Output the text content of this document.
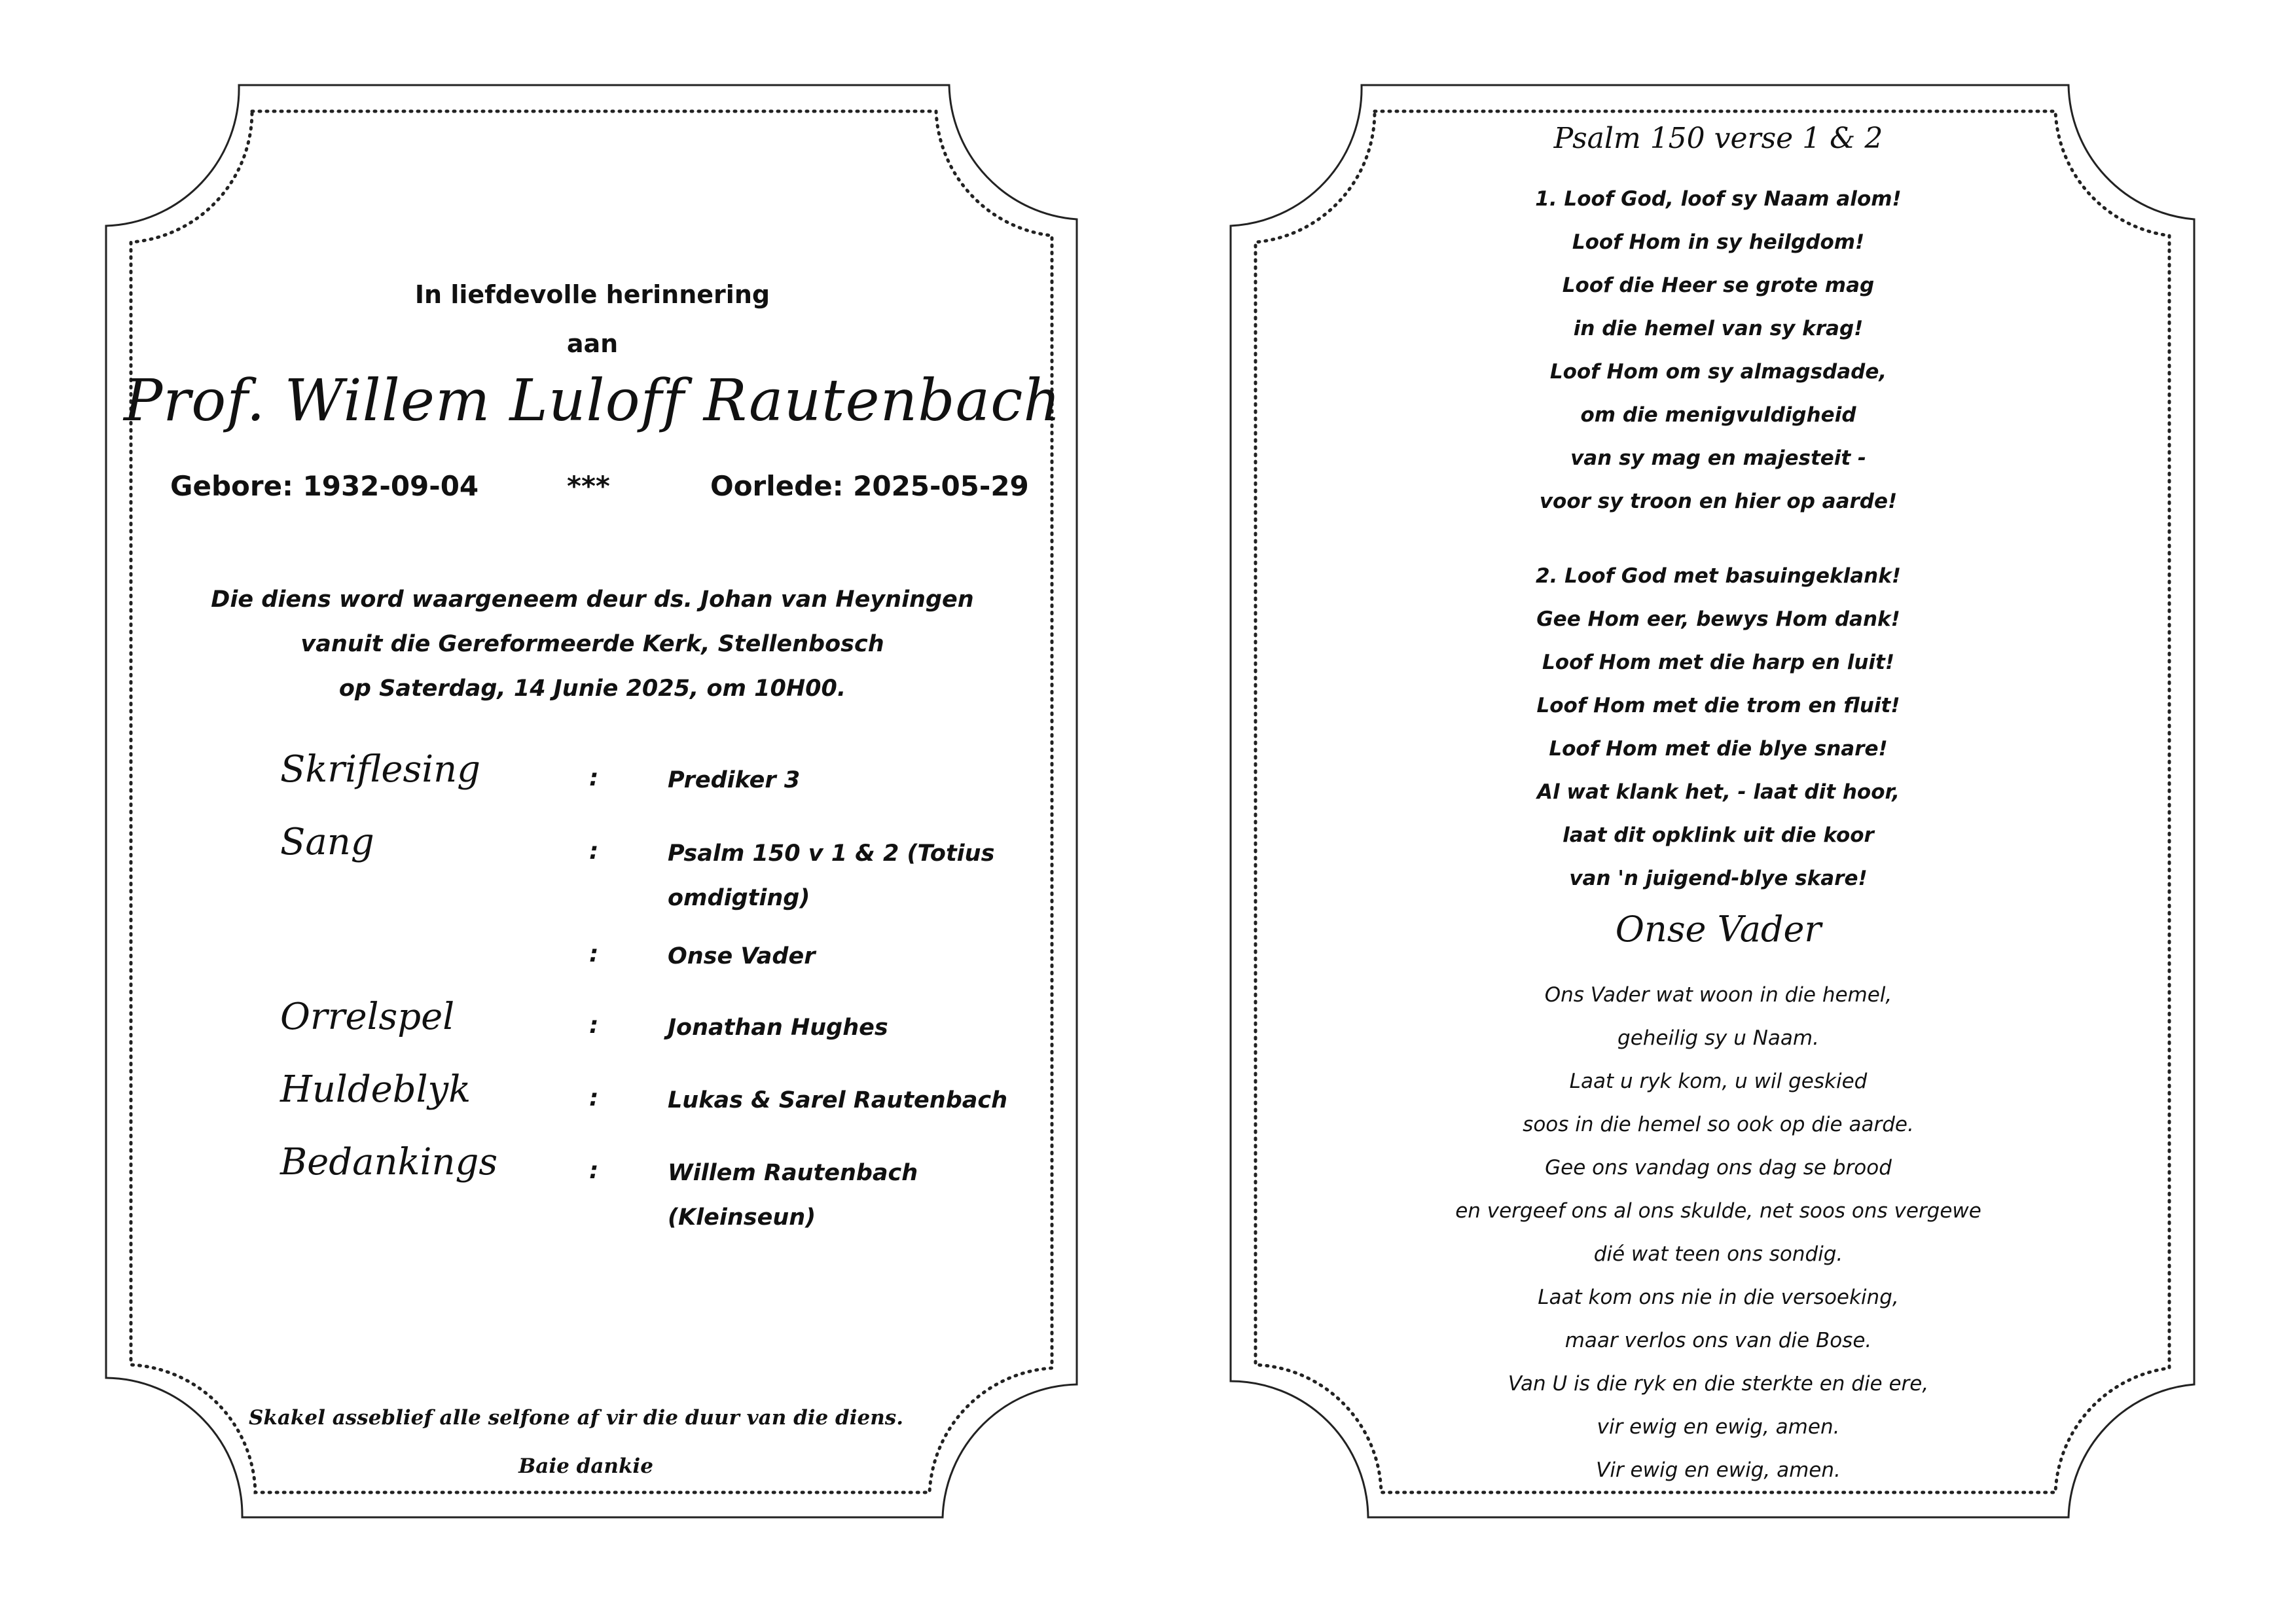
In liefdevolle herinnering
aan
Prof. Willem Luloff Rautenbach
Gebore: 1932-09-04	***	Oorlede: 2025-05-29
Die diens word waargeneem deur ds. Johan van Heyningen
vanuit die Gereformeerde Kerk, Stellenbosch
op Saterdag, 14 Junie 2025, om 10H00.
Skriflesing	:	Prediker 3
Sang	:	Psalm 150 v 1 & 2 (Totius omdigting)
:	Onse Vader
Orrelspel	:	Jonathan Hughes
Huldeblyk	:	Lukas & Sarel Rautenbach
Bedankings	:	Willem Rautenbach (Kleinseun)
Skakel asseblief alle selfone af vir die duur van die diens.
Baie dankie
Psalm 150 verse 1 & 2
1. Loof God, loof sy Naam alom!
Loof Hom in sy heilgdom!
Loof die Heer se grote mag
in die hemel van sy krag!
Loof Hom om sy almagsdade,
om die menigvuldigheid
van sy mag en majesteit -
voor sy troon en hier op aarde!
2. Loof God met basuingeklank!
Gee Hom eer, bewys Hom dank!
Loof Hom met die harp en luit!
Loof Hom met die trom en fluit!
Loof Hom met die blye snare!
Al wat klank het, - laat dit hoor,
laat dit opklink uit die koor
van 'n juigend-blye skare!
Onse Vader
Ons Vader wat woon in die hemel,
geheilig sy u Naam.
Laat u ryk kom, u wil geskied
soos in die hemel so ook op die aarde.
Gee ons vandag ons dag se brood
en vergeef ons al ons skulde, net soos ons vergewe
dié wat teen ons sondig.
Laat kom ons nie in die versoeking,
maar verlos ons van die Bose.
Van U is die ryk en die sterkte en die ere,
vir ewig en ewig, amen.
Vir ewig en ewig, amen.
